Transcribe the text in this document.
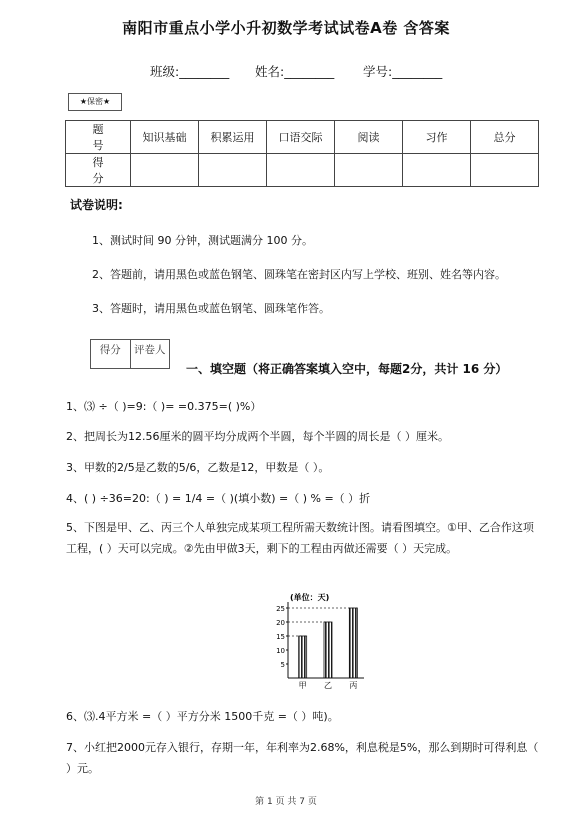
南阳市重点小学小升初数学考试试卷A卷 含答案
班级:________ 姓名:________ 学号:________
★保密★
题 号	知识基础	积累运用	口语交际	阅读	习作	总分
得 分						
试卷说明:
1、测试时间 90 分钟，测试题满分 100 分。
2、答题前，请用黑色或蓝色钢笔、圆珠笔在密封区内写上学校、班别、姓名等内容。
3、答题时，请用黑色或蓝色钢笔、圆珠笔作答。
得分	评卷人
一、填空题（将正确答案填入空中，每题2分，共计 16 分）
1、⑶ ÷（ )=9:（ )= =0.375=( )%）
2、把周长为12.56厘米的圆平均分成两个半圆，每个半圆的周长是（ ）厘米。
3、甲数的2/5是乙数的5/6，乙数是12，甲数是（ ）。
4、( ) ÷36=20:（ ) = 1/4 =（ )(填小数) =（ ) % =（ ）折
5、下图是甲、乙、丙三个人单独完成某项工程所需天数统计图。请看图填空。①甲、乙合作这项工程，( ）天可以完成。②先由甲做3天，剩下的工程由丙做还需要（ ）天完成。
(单位：天)
25
20
15
10
5
甲 乙 丙
6、⑶.4平方米 =（ ）平方分米 1500千克 =（ ）吨)。
7、小红把2000元存入银行，存期一年，年利率为2.68%，利息税是5%，那么到期时可得利息（ ）元。
第 1 页 共 7 页
